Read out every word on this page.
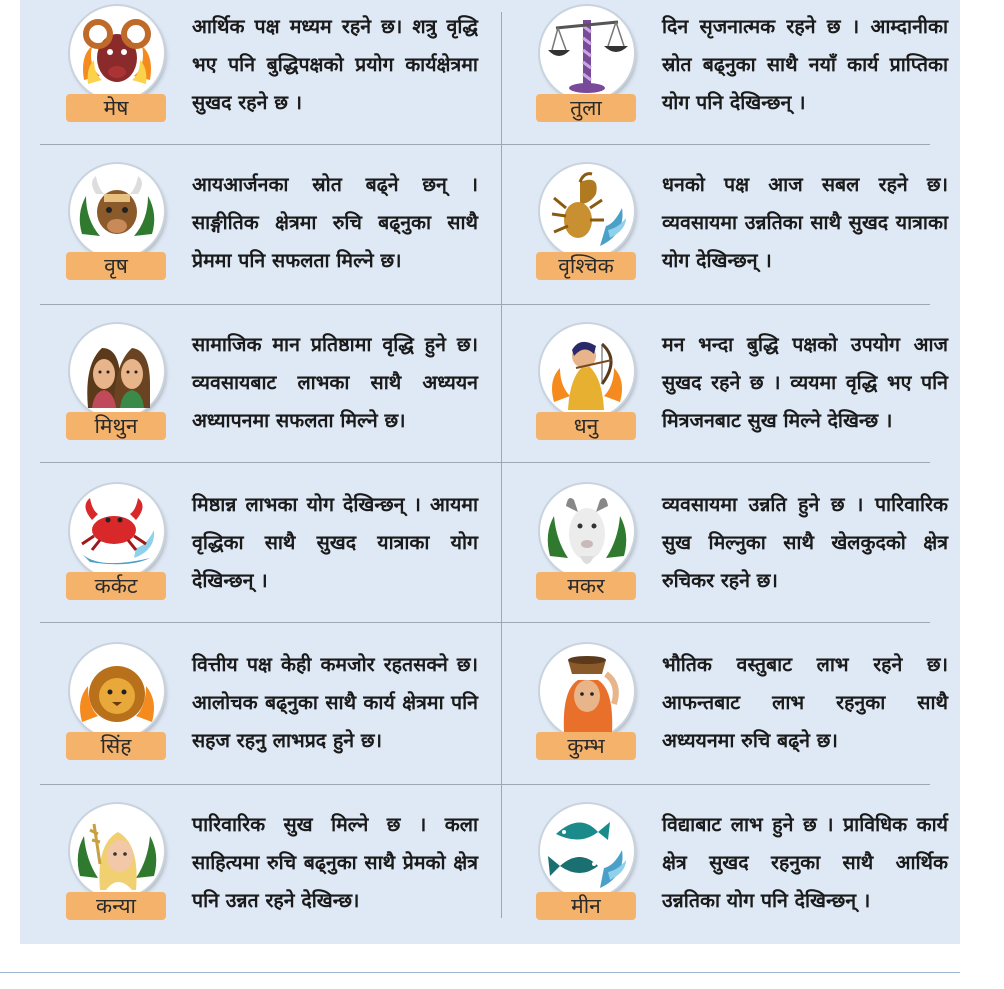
मेष
आर्थिक पक्ष मध्यम रहने छ। शत्रु वृद्धि भए पनि बुद्धिपक्षको प्रयोग कार्यक्षेत्रमा सुखद रहने छ ।	तुला
दिन सृजनात्मक रहने छ । आम्दानीका स्रोत बढ्नुका साथै नयाँ कार्य प्राप्तिका योग पनि देखिन्छन् ।
वृष
आयआर्जनका स्रोत बढ्ने छन् । साङ्गीतिक क्षेत्रमा रुचि बढ्नुका साथै प्रेममा पनि सफलता मिल्ने छ।	वृश्चिक
धनको पक्ष आज सबल रहने छ। व्यवसायमा उन्नतिका साथै सुखद यात्राका योग देखिन्छन् ।
मिथुन
सामाजिक मान प्रतिष्ठामा वृद्धि हुने छ। व्यवसायबाट लाभका साथै अध्ययन अध्यापनमा सफलता मिल्ने छ।	धनु
मन भन्दा बुद्धि पक्षको उपयोग आज सुखद रहने छ । व्ययमा वृद्धि भए पनि मित्रजनबाट सुख मिल्ने देखिन्छ ।
कर्कट
मिष्ठान्न लाभका योग देखिन्छन् । आयमा वृद्धिका साथै सुखद यात्राका योग देखिन्छन् ।	मकर
व्यवसायमा उन्नति हुने छ । पारिवारिक सुख मिल्नुका साथै खेलकुदको क्षेत्र रुचिकर रहने छ।
सिंह
वित्तीय पक्ष केही कमजोर रहतसक्ने छ। आलोचक बढ्नुका साथै कार्य क्षेत्रमा पनि सहज रहनु लाभप्रद हुने छ।	कुम्भ
भौतिक वस्तुबाट लाभ रहने छ। आफन्तबाट लाभ रहनुका साथै अध्ययनमा रुचि बढ्ने छ।
कन्या
पारिवारिक सुख मिल्ने छ । कला साहित्यमा रुचि बढ्नुका साथै प्रेमको क्षेत्र पनि उन्नत रहने देखिन्छ।	मीन
विद्याबाट लाभ हुने छ । प्राविधिक कार्य क्षेत्र सुखद रहनुका साथै आर्थिक उन्नतिका योग पनि देखिन्छन् ।
